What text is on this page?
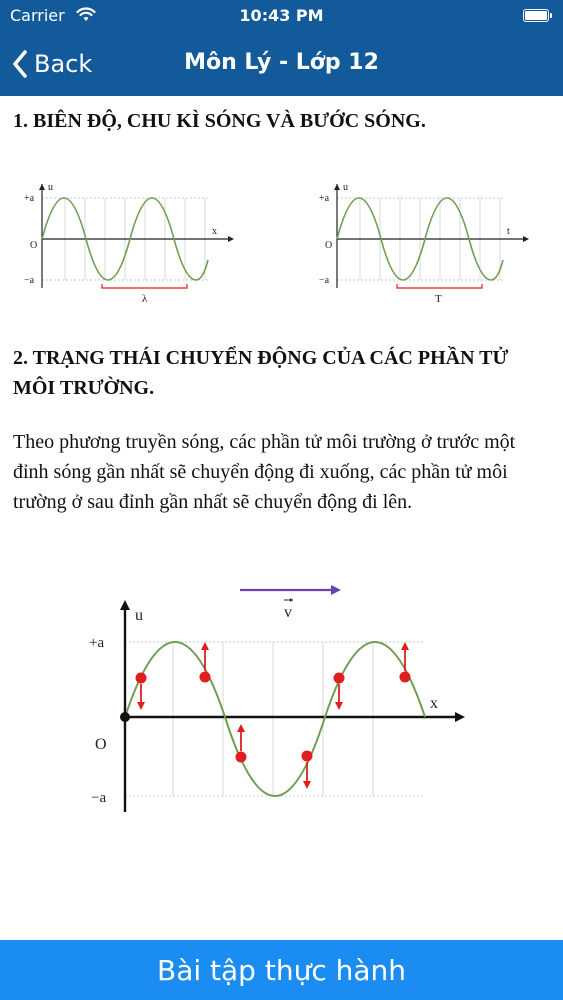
Carrier	10:43 PM
Back	Môn Lý - Lớp 12
1. BIÊN ĐỘ, CHU KÌ SÓNG VÀ BƯỚC SÓNG.
u
x
+a
O
−a
λ
u
t
+a
O
−a
T
2. TRẠNG THÁI CHUYỂN ĐỘNG CỦA CÁC PHẦN TỬ MÔI TRƯỜNG.
Theo phương truyền sóng, các phần tử môi trường ở trước một đỉnh sóng gần nhất sẽ chuyển động đi xuống, các phần tử môi trường ở sau đỉnh gần nhất sẽ chuyển động đi lên.
v
u
x
+a
O
−a
Bài tập thực hành
